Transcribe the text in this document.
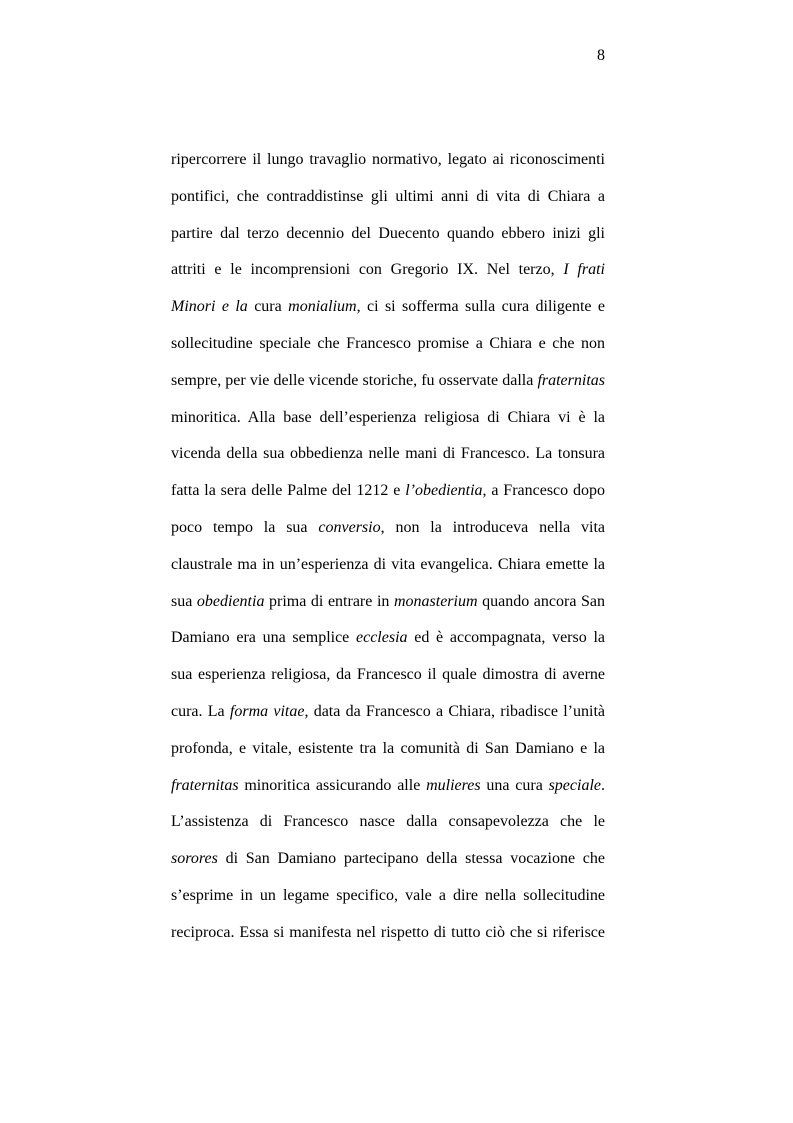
8
ripercorrere il lungo travaglio normativo, legato ai riconoscimenti
pontifici, che contraddistinse gli ultimi anni di vita di Chiara a
partire dal terzo decennio del Duecento quando ebbero inizi gli
attriti e le incomprensioni con Gregorio IX. Nel terzo, I frati
Minori e la cura monialium, ci si sofferma sulla cura diligente e
sollecitudine speciale che Francesco promise a Chiara e che non
sempre, per vie delle vicende storiche, fu osservate dalla fraternitas
minoritica. Alla base dell’esperienza religiosa di Chiara vi è la
vicenda della sua obbedienza nelle mani di Francesco. La tonsura
fatta la sera delle Palme del 1212 e l’obedientia, a Francesco dopo
poco tempo la sua conversio, non la introduceva nella vita
claustrale ma in un’esperienza di vita evangelica. Chiara emette la
sua obedientia prima di entrare in monasterium quando ancora San
Damiano era una semplice ecclesia ed è accompagnata, verso la
sua esperienza religiosa, da Francesco il quale dimostra di averne
cura. La forma vitae, data da Francesco a Chiara, ribadisce l’unità
profonda, e vitale, esistente tra la comunità di San Damiano e la
fraternitas minoritica assicurando alle mulieres una cura speciale.
L’assistenza di Francesco nasce dalla consapevolezza che le
sorores di San Damiano partecipano della stessa vocazione che
s’esprime in un legame specifico, vale a dire nella sollecitudine
reciproca. Essa si manifesta nel rispetto di tutto ciò che si riferisce
